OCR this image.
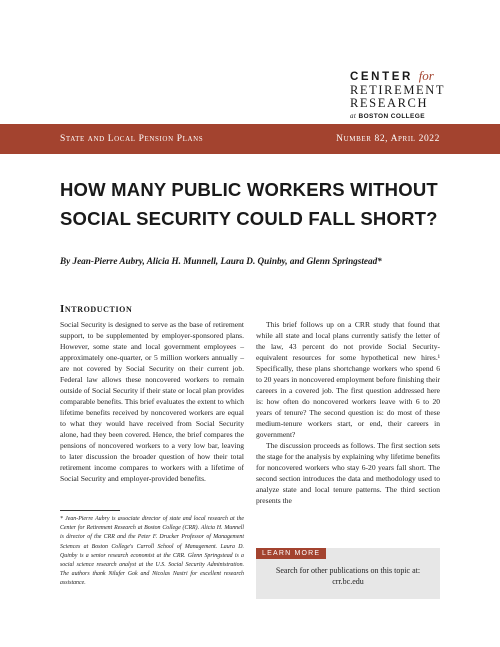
CENTER for
RETIREMENT
RESEARCH
at BOSTON COLLEGE
State and Local Pension Plans	Number 82, April 2022
HOW MANY PUBLIC WORKERS WITHOUT SOCIAL SECURITY COULD FALL SHORT?
By Jean-Pierre Aubry, Alicia H. Munnell, Laura D. Quinby, and Glenn Springstead*
Introduction

Social Security is designed to serve as the base of retirement support, to be supplemented by employer-sponsored plans. However, some state and local government employees – approximately one-quarter, or 5 million workers annually – are not covered by Social Security on their current job. Federal law allows these noncovered workers to remain outside of Social Security if their state or local plan provides comparable benefits. This brief evaluates the extent to which lifetime benefits received by noncovered workers are equal to what they would have received from Social Security alone, had they been covered. Hence, the brief compares the pensions of noncovered workers to a very low bar, leaving to later discussion the broader question of how their total retirement income compares to workers with a lifetime of Social Security and employer-provided benefits.

This brief follows up on a CRR study that found that while all state and local plans currently satisfy the letter of the law, 43 percent do not provide Social Security-equivalent resources for some hypothetical new hires.¹ Specifically, these plans shortchange workers who spend 6 to 20 years in noncovered employment before finishing their careers in a covered job. The first question addressed here is: how often do noncovered workers leave with 6 to 20 years of tenure? The second question is: do most of these medium-tenure workers start, or end, their careers in government?

The discussion proceeds as follows. The first section sets the stage for the analysis by explaining why lifetime benefits for noncovered workers who stay 6-20 years fall short. The second section introduces the data and methodology used to analyze state and local tenure patterns. The third section presents the

* Jean-Pierre Aubry is associate director of state and local research at the Center for Retirement Research at Boston College (CRR). Alicia H. Munnell is director of the CRR and the Peter F. Drucker Professor of Management Sciences at Boston College's Carroll School of Management. Laura D. Quinby is a senior research economist at the CRR. Glenn Springstead is a social science research analyst at the U.S. Social Security Administration. The authors thank Nilufer Gok and Nicolas Nastri for excellent research assistance.
LEARN MORE
Search for other publications on this topic at:
crr.bc.edu
